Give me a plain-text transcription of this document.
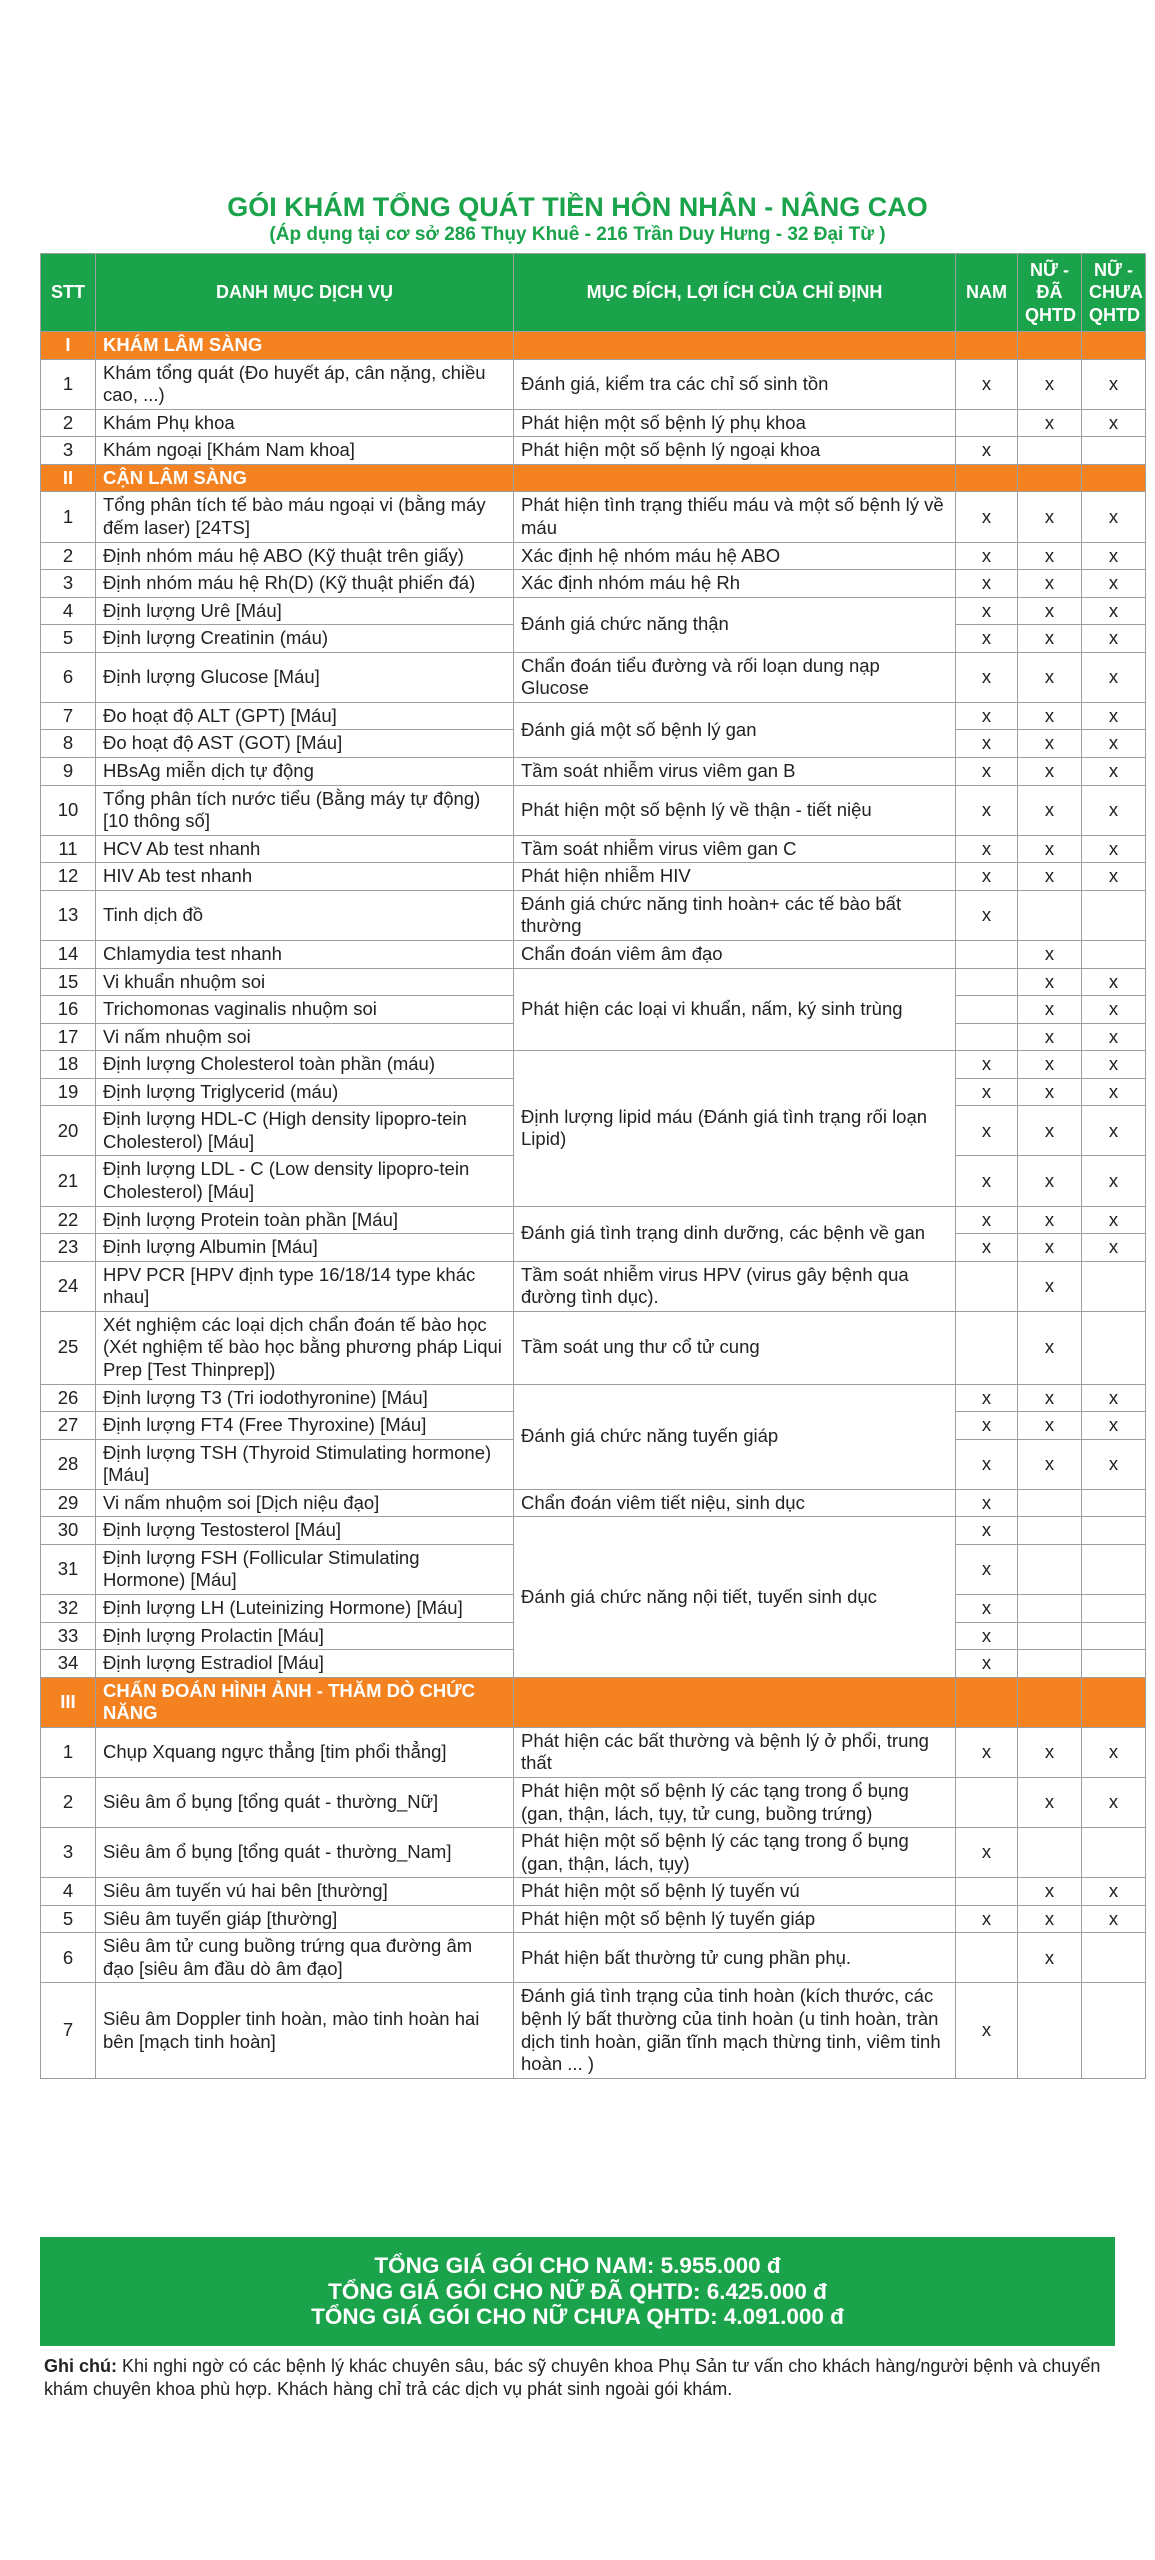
GÓI KHÁM TỔNG QUÁT TIỀN HÔN NHÂN - NÂNG CAO
(Áp dụng tại cơ sở 286 Thụy Khuê - 216 Trần Duy Hưng - 32 Đại Từ )
STT	DANH MỤC DỊCH VỤ	MỤC ĐÍCH, LỢI ÍCH CỦA CHỈ ĐỊNH	NAM	NỮ - ĐÃ QHTD	NỮ - CHƯA QHTD
I	KHÁM LÂM SÀNG				
1	Khám tổng quát (Đo huyết áp, cân nặng, chiều cao, ...)	Đánh giá, kiểm tra các chỉ số sinh tồn	x	x	x
2	Khám Phụ khoa	Phát hiện một số bệnh lý phụ khoa		x	x
3	Khám ngoại [Khám Nam khoa]	Phát hiện một số bệnh lý ngoại khoa	x		
II	CẬN LÂM SÀNG				
1	Tổng phân tích tế bào máu ngoại vi (bằng máy đếm laser) [24TS]	Phát hiện tình trạng thiếu máu và một số bệnh lý về máu	x	x	x
2	Định nhóm máu hệ ABO (Kỹ thuật trên giấy)	Xác định hệ nhóm máu hệ ABO	x	x	x
3	Định nhóm máu hệ Rh(D) (Kỹ thuật phiến đá)	Xác định nhóm máu hệ Rh	x	x	x
4	Định lượng Urê [Máu]	Đánh giá chức năng thận	x	x	x
5	Định lượng Creatinin (máu)		x	x	x
6	Định lượng Glucose [Máu]	Chẩn đoán tiểu đường và rối loạn dung nạp Glucose	x	x	x
7	Đo hoạt độ ALT (GPT) [Máu]	Đánh giá một số bệnh lý gan	x	x	x
8	Đo hoạt độ AST (GOT) [Máu]		x	x	x
9	HBsAg miễn dịch tự động	Tầm soát nhiễm virus viêm gan B	x	x	x
10	Tổng phân tích nước tiểu (Bằng máy tự động) [10 thông số]	Phát hiện một số bệnh lý về thận - tiết niệu	x	x	x
11	HCV Ab test nhanh	Tầm soát nhiễm virus viêm gan C	x	x	x
12	HIV Ab test nhanh	Phát hiện nhiễm HIV	x	x	x
13	Tinh dịch đồ	Đánh giá chức năng tinh hoàn+ các tế bào bất thường	x		
14	Chlamydia test nhanh	Chẩn đoán viêm âm đạo		x	
15	Vi khuẩn nhuộm soi	Phát hiện các loại vi khuẩn, nấm, ký sinh trùng		x	x
16	Trichomonas vaginalis nhuộm soi			x	x
17	Vi nấm nhuộm soi			x	x
18	Định lượng Cholesterol toàn phần (máu)	Định lượng lipid máu (Đánh giá tình trạng rối loạn Lipid)	x	x	x
19	Định lượng Triglycerid (máu)		x	x	x
20	Định lượng HDL-C (High density lipopro-tein Cholesterol) [Máu]		x	x	x
21	Định lượng LDL - C (Low density lipopro-tein Cholesterol) [Máu]		x	x	x
22	Định lượng Protein toàn phần [Máu]	Đánh giá tình trạng dinh dưỡng, các bệnh về gan	x	x	x
23	Định lượng Albumin [Máu]		x	x	x
24	HPV PCR [HPV định type 16/18/14 type khác nhau]	Tầm soát nhiễm virus HPV (virus gây bệnh qua đường tình dục).		x	
25	Xét nghiệm các loại dịch chẩn đoán tế bào học (Xét nghiệm tế bào học bằng phương pháp Liqui Prep [Test Thinprep])	Tầm soát ung thư cổ tử cung		x	
26	Định lượng T3 (Tri iodothyronine) [Máu]	Đánh giá chức năng tuyến giáp	x	x	x
27	Định lượng FT4 (Free Thyroxine) [Máu]		x	x	x
28	Định lượng TSH (Thyroid Stimulating hormone) [Máu]		x	x	x
29	Vi nấm nhuộm soi [Dịch niệu đạo]	Chẩn đoán viêm tiết niệu, sinh dục	x		
30	Định lượng Testosterol [Máu]	Đánh giá chức năng nội tiết, tuyến sinh dục	x		
31	Định lượng FSH (Follicular Stimulating Hormone) [Máu]		x		
32	Định lượng LH (Luteinizing Hormone) [Máu]		x		
33	Định lượng Prolactin [Máu]		x		
34	Định lượng Estradiol [Máu]		x		
III	CHẨN ĐOÁN HÌNH ẢNH - THĂM DÒ CHỨC NĂNG				
1	Chụp Xquang ngực thẳng [tim phổi thẳng]	Phát hiện các bất thường và bệnh lý ở phổi, trung thất	x	x	x
2	Siêu âm ổ bụng [tổng quát - thường_Nữ]	Phát hiện một số bệnh lý các tạng trong ổ bụng (gan, thận, lách, tụy, tử cung, buồng trứng)		x	x
3	Siêu âm ổ bụng [tổng quát - thường_Nam]	Phát hiện một số bệnh lý các tạng trong ổ bụng (gan, thận, lách, tụy)	x		
4	Siêu âm tuyến vú hai bên [thường]	Phát hiện một số bệnh lý tuyến vú		x	x
5	Siêu âm tuyến giáp [thường]	Phát hiện một số bệnh lý tuyến giáp	x	x	x
6	Siêu âm tử cung buồng trứng qua đường âm đạo [siêu âm đầu dò âm đạo]	Phát hiện bất thường tử cung phần phụ.		x	
7	Siêu âm Doppler tinh hoàn, mào tinh hoàn hai bên [mạch tinh hoàn]	Đánh giá tình trạng của tinh hoàn (kích thước, các bệnh lý bất thường của tinh hoàn (u tinh hoàn, tràn dịch tinh hoàn, giãn tĩnh mạch thừng tinh, viêm tinh hoàn ... )	x		
TỔNG GIÁ GÓI CHO NAM: 5.955.000 đ
TỔNG GIÁ GÓI CHO NỮ ĐÃ QHTD: 6.425.000 đ
TỔNG GIÁ GÓI CHO NỮ CHƯA QHTD: 4.091.000 đ
Ghi chú: Khi nghi ngờ có các bệnh lý khác chuyên sâu, bác sỹ chuyên khoa Phụ Sản tư vấn cho khách hàng/người bệnh và chuyển khám chuyên khoa phù hợp. Khách hàng chỉ trả các dịch vụ phát sinh ngoài gói khám.
